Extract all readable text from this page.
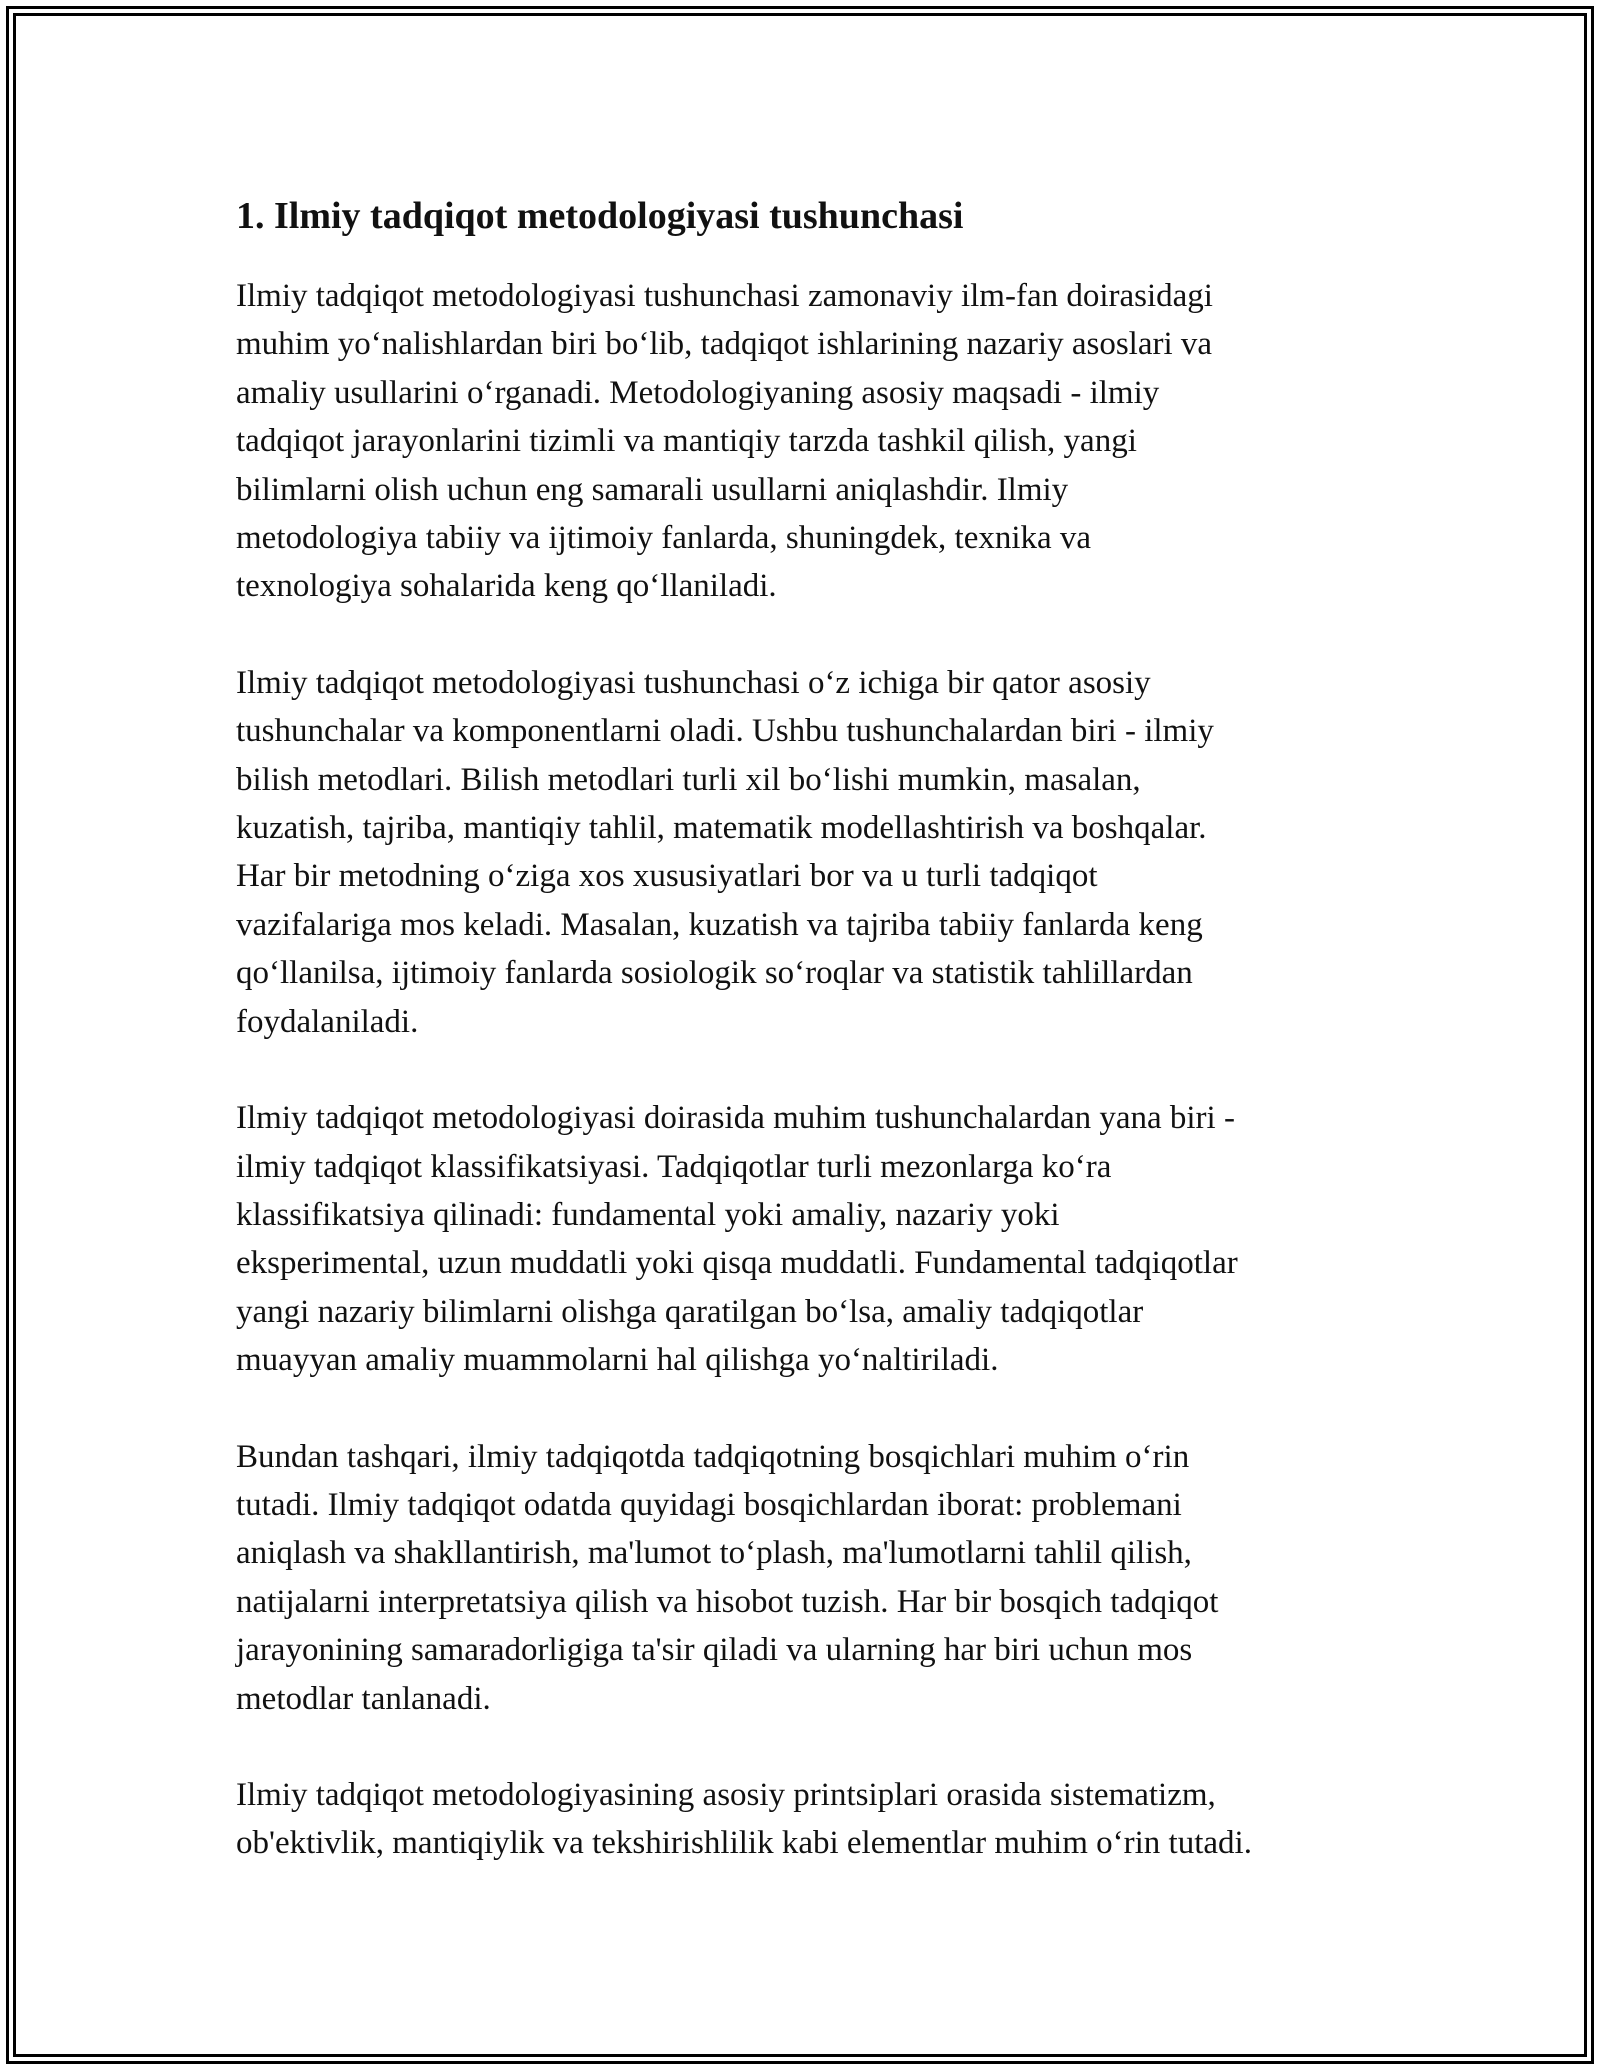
1. Ilmiy tadqiqot metodologiyasi tushunchasi

Ilmiy tadqiqot metodologiyasi tushunchasi zamonaviy ilm-fan doirasidagi
muhim yo‘nalishlardan biri bo‘lib, tadqiqot ishlarining nazariy asoslari va
amaliy usullarini o‘rganadi. Metodologiyaning asosiy maqsadi - ilmiy
tadqiqot jarayonlarini tizimli va mantiqiy tarzda tashkil qilish, yangi
bilimlarni olish uchun eng samarali usullarni aniqlashdir. Ilmiy
metodologiya tabiiy va ijtimoiy fanlarda, shuningdek, texnika va
texnologiya sohalarida keng qo‘llaniladi.

Ilmiy tadqiqot metodologiyasi tushunchasi o‘z ichiga bir qator asosiy
tushunchalar va komponentlarni oladi. Ushbu tushunchalardan biri - ilmiy
bilish metodlari. Bilish metodlari turli xil bo‘lishi mumkin, masalan,
kuzatish, tajriba, mantiqiy tahlil, matematik modellashtirish va boshqalar.
Har bir metodning o‘ziga xos xususiyatlari bor va u turli tadqiqot
vazifalariga mos keladi. Masalan, kuzatish va tajriba tabiiy fanlarda keng
qo‘llanilsa, ijtimoiy fanlarda sosiologik so‘roqlar va statistik tahlillardan
foydalaniladi.

Ilmiy tadqiqot metodologiyasi doirasida muhim tushunchalardan yana biri -
ilmiy tadqiqot klassifikatsiyasi. Tadqiqotlar turli mezonlarga ko‘ra
klassifikatsiya qilinadi: fundamental yoki amaliy, nazariy yoki
eksperimental, uzun muddatli yoki qisqa muddatli. Fundamental tadqiqotlar
yangi nazariy bilimlarni olishga qaratilgan bo‘lsa, amaliy tadqiqotlar
muayyan amaliy muammolarni hal qilishga yo‘naltiriladi.

Bundan tashqari, ilmiy tadqiqotda tadqiqotning bosqichlari muhim o‘rin
tutadi. Ilmiy tadqiqot odatda quyidagi bosqichlardan iborat: problemani
aniqlash va shakllantirish, ma'lumot to‘plash, ma'lumotlarni tahlil qilish,
natijalarni interpretatsiya qilish va hisobot tuzish. Har bir bosqich tadqiqot
jarayonining samaradorligiga ta'sir qiladi va ularning har biri uchun mos
metodlar tanlanadi.

Ilmiy tadqiqot metodologiyasining asosiy printsiplari orasida sistematizm,
ob'ektivlik, mantiqiylik va tekshirishlilik kabi elementlar muhim o‘rin tutadi.
